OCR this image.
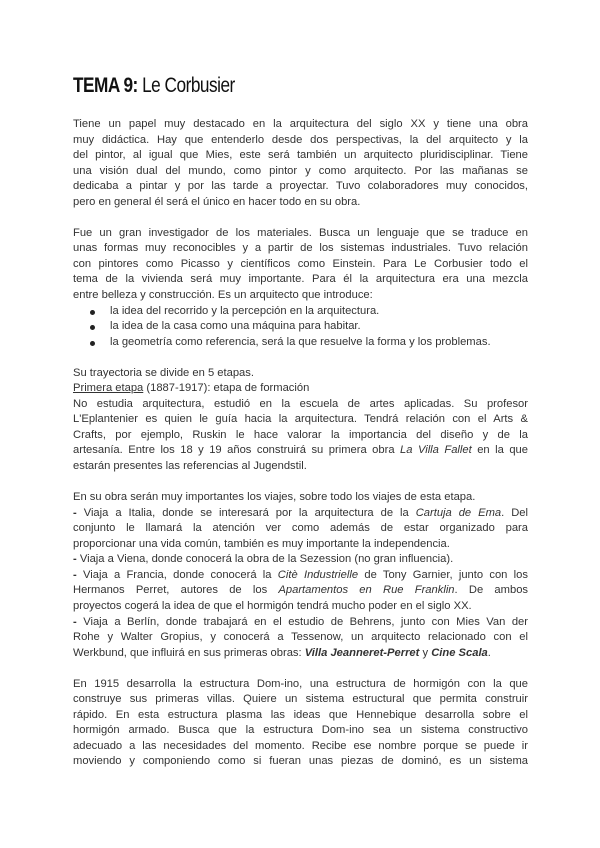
TEMA 9: Le Corbusier
Tiene un papel muy destacado en la arquitectura del siglo XX y tiene una obra
muy didáctica. Hay que entenderlo desde dos perspectivas, la del arquitecto y la
del pintor, al igual que Mies, este será también un arquitecto pluridisciplinar. Tiene
una visión dual del mundo, como pintor y como arquitecto. Por las mañanas se
dedicaba a pintar y por las tarde a proyectar. Tuvo colaboradores muy conocidos,
pero en general él será el único en hacer todo en su obra.
Fue un gran investigador de los materiales. Busca un lenguaje que se traduce en
unas formas muy reconocibles y a partir de los sistemas industriales. Tuvo relación
con pintores como Picasso y científicos como Einstein. Para Le Corbusier todo el
tema de la vivienda será muy importante. Para él la arquitectura era una mezcla
entre belleza y construcción. Es un arquitecto que introduce:
la idea del recorrido y la percepción en la arquitectura.
la idea de la casa como una máquina para habitar.
la geometría como referencia, será la que resuelve la forma y los problemas.
Su trayectoria se divide en 5 etapas.
Primera etapa (1887-1917): etapa de formación
No estudia arquitectura, estudió en la escuela de artes aplicadas. Su profesor
L'Eplantenier es quien le guía hacia la arquitectura. Tendrá relación con el Arts &
Crafts, por ejemplo, Ruskin le hace valorar la importancia del diseño y de la
artesanía. Entre los 18 y 19 años construirá su primera obra La Villa Fallet en la que
estarán presentes las referencias al Jugendstil.
En su obra serán muy importantes los viajes, sobre todo los viajes de esta etapa.
- Viaja a Italia, donde se interesará por la arquitectura de la Cartuja de Ema. Del
conjunto le llamará la atención ver como además de estar organizado para
proporcionar una vida común, también es muy importante la independencia.
- Viaja a Viena, donde conocerá la obra de la Sezession (no gran influencia).
- Viaja a Francia, donde conocerá la Citè Industrielle de Tony Garnier, junto con los
Hermanos Perret, autores de los Apartamentos en Rue Franklin. De ambos
proyectos cogerá la idea de que el hormigón tendrá mucho poder en el siglo XX.
- Viaja a Berlín, donde trabajará en el estudio de Behrens, junto con Mies Van der
Rohe y Walter Gropius, y conocerá a Tessenow, un arquitecto relacionado con el
Werkbund, que influirá en sus primeras obras: Villa Jeanneret-Perret y Cine Scala.
En 1915 desarrolla la estructura Dom-ino, una estructura de hormigón con la que
construye sus primeras villas. Quiere un sistema estructural que permita construir
rápido. En esta estructura plasma las ideas que Hennebique desarrolla sobre el
hormigón armado. Busca que la estructura Dom-ino sea un sistema constructivo
adecuado a las necesidades del momento. Recibe ese nombre porque se puede ir
moviendo y componiendo como si fueran unas piezas de dominó, es un sistema
